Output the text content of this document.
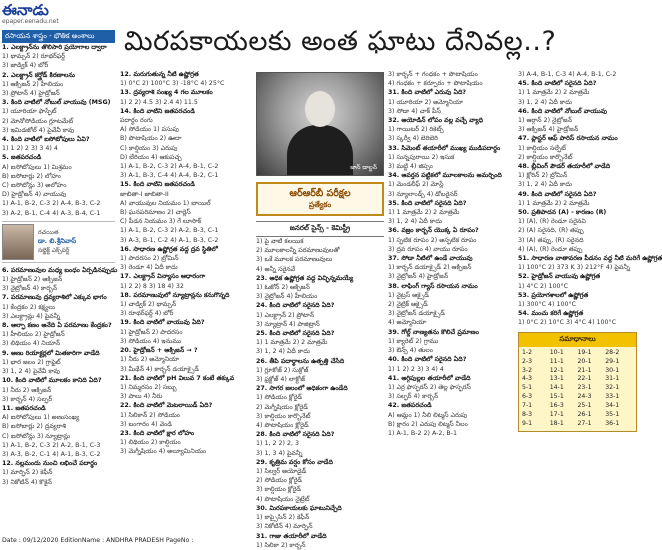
ఈనాడు
epaper.eenadu.net
మిరపకాయలకు అంత ఘాటు దేనివల్ల..?
రసాయన శాస్త్రం - భౌతిక అంశాలు
1. ఎలక్ట్రాన్‌ను తొలిసారి ప్రయోగాల ద్వారా
1) థామ్సన్ 2) రూథర్‌ఫర్డ్
3) జాడ్విక్ 4) బోర్
2. ఎలక్ట్రాన్ కర్త్రోడ్ కిరణాలను
1) ఆక్సిజన్ 2) హీలియం
3) ప్రోటాన్ 4) హైడ్రోజన్
3. కింది వాటిలో నోబుల్ వాయువు (MSG)
1) యూరియా ఫాస్ఫేట్
2) మోనోసోడియం గ్లూటమేట్
3) ఇమిడజోల్ 4) పైవేవీ కావు
4. కింది వాటిలో ఐసోటోపులు ఏవి?
1) 1 2) 2 3) 3 4) 4
5. జతపరచండి
A) ఐసోటోపులు 1) మిశ్రమం
B) ఐసోబార్లు 2) లోహం
C) ఐసోటోన్లు 3) అలోహం
D) హైడ్రోజన్ 4) వాయువు
1) A-1, B-2, C-3 2) A-4, B-3, C-2
3) A-2, B-1, C-4 4) A-3, B-4, C-1
రచయిత
డా. బి.శ్రీనివాస్
సబ్జెక్ట్ ఎక్స్‌పర్ట్
6. పరమాణువుల మధ్య బంధం ఏర్పడినప్పుడు
1) హైడ్రోజన్ 2) ఆక్సిజన్
3) నైట్రోజన్ 4) కార్బన్
7. పరమాణువు ద్రవ్యరాశిలో ఎక్కువ భాగం
1) కేంద్రకం 2) కక్ష్యలు
3) ఎలక్ట్రాన్లు 4) పైవన్నీ
8. ఆల్ఫా కణం అనేది ఏ పరమాణు కేంద్రకం?
1) హీలియం 2) హైడ్రోజన్
3) లిథియం 4) నియాన్
9. అణు రియాక్టర్లలో మితకారిగా వాడేది
1) భార జలం 2) గ్రాఫైట్
3) 1, 2 4) పైవేవీ కావు
10. కింది వాటిలో మూలకం కానిది ఏది?
1) నీరు 2) ఆక్సిజన్
3) కార్బన్ 4) సల్ఫర్
11. జతపరచండి
A) ఐసోటోపులు 1) అణుసంఖ్య
B) ఐసోబార్లు 2) ద్రవ్యరాశి
C) ఐసోటోన్లు 3) న్యూట్రాన్లు
1) A-1, B-2, C-3 2) A-2, B-1, C-3
3) A-3, B-2, C-1 4) A-1, B-3, C-2
12. నల్లమందు నుంచి లభించే పదార్థం
1) మార్ఫిన్ 2) కెఫీన్
3) నికోటిన్ 4) కొకైన్
12. మరుగుతున్న నీటి ఉష్ణోగ్రత
1) 0°C 2) 100°C 3) -18°C 4) 25°C
13. ద్రవ్యరాశి సంఖ్య 4 గల మూలకం
1) 2 2) 4.5 3) 2.4 4) 11.5
14. కింది వాటిని జతపరచండి
పదార్థం రంగు
A) సోడియం 1) పసుపు
B) పొటాషియం 2) ఊదా
C) కాల్షియం 3) ఎరుపు
D) బేరియం 4) ఆకుపచ్చ
1) A-1, B-2, C-3 2) A-4, B-1, C-2
3) A-1, B-3, C-4 4) A-4, B-2, C-1
15. కింది వాటిని జతపరచండి
జాబితా-I జాబితా-II
A) వాయువుల నియమం 1) బాయిల్
B) ఘనపరిమాణం 2) చార్లెస్
C) పీడన నియమం 3) గే లూసాక్
1) A-1, B-2, C-3 2) A-2, B-3, C-1
3) A-3, B-1, C-2 4) A-1, B-3, C-2
16. సాధారణ ఉష్ణోగ్రత వద్ద ద్రవ స్థితిలో
1) పాదరసం 2) బ్రోమిన్
3) రెండూ 4) ఏదీ కాదు
17. ఎలక్ట్రాన్ విన్యాసం ఆధారంగా
1) 2 2) 8 3) 18 4) 32
18. పరమాణువులో న్యూట్రాన్లను కనుగొన్నది
1) చాడ్విక్ 2) థామ్సన్
3) రూథర్‌ఫర్డ్ 4) బోర్
19. కింది వాటిలో వాయువు ఏది?
1) హైడ్రోజన్ 2) పాదరసం
3) సోడియం 4) ఇనుము
20. హైడ్రోజన్ + ఆక్సిజన్ → ?
1) నీరు 2) అమ్మోనియా
3) మీథేన్ 4) కార్బన్ డయాక్సైడ్
21. కింది వాటిలో pH విలువ 7 కంటే తక్కువ
1) నిమ్మరసం 2) సబ్బు
3) పాలు 4) నీరు
22. కింది వాటిలో మెటలాయిడ్ ఏది?
1) సిలికాన్ 2) సోడియం
3) బంగారం 4) వెండి
23. కింది వాటిలో క్షార లోహం
1) లిథియం 2) కాల్షియం
3) మెగ్నీషియం 4) అల్యూమినియం
జాన్ డాల్టన్
ఆర్‌ఆర్‌బీ పరీక్షల
ప్రత్యేకం
జనరల్ సైన్స్ - కెమిస్ట్రీ
1) పై వాటి కలయిక
2) మూలకాలన్నీ పరమాణువులతో
3) ఒకే మూలక పరమాణువులు
4) అన్నీ సరైనవే
23. అధిక ఉష్ణోగ్రత వద్ద విచ్ఛిన్నమయ్యే
1) ఓజోన్ 2) ఆక్సిజన్
3) నైట్రోజన్ 4) హీలియం
24. కింది వాటిలో సరైనది ఏది?
1) ఎలక్ట్రాన్ 2) ప్రోటాన్
3) న్యూట్రాన్ 4) పాజిట్రాన్
25. కింది వాటిలో సరైనది ఏది?
1) 1 మాత్రమే 2) 2 మాత్రమే
3) 1, 2 4) ఏదీ కాదు
26. తీపి పదార్థాలను ఉత్పత్తి చేసేది
1) గ్లూకోజ్ 2) సుక్రోజ్
3) ఫ్రక్టోజ్ 4) లాక్టోజ్
27. సాగర జలంలో అధికంగా ఉండేది
1) సోడియం క్లోరైడ్
2) మెగ్నీషియం క్లోరైడ్
3) కాల్షియం కార్బొనేట్
4) పొటాషియం క్లోరైడ్
28. కింది వాటిలో సరైనది ఏది?
1) 1, 2 2) 2, 3
3) 1, 3 4) పైవన్నీ
29. కృత్రిమ వర్షం కోసం వాడేది
1) సిల్వర్ అయోడైడ్
2) సోడియం క్లోరైడ్
3) కాల్షియం క్లోరైడ్
4) పొటాషియం నైట్రేట్
30. మిరపకాయలకు ఘాటునిచ్చేది
1) కాప్సైసిన్ 2) కెఫీన్
3) నికోటిన్ 4) మార్ఫిన్
31. గాజు తయారీలో వాడేది
1) సిలికా 2) కార్బన్
3) కార్బన్ + గంధకం + పొటాషియం
4) గంధకం + కర్పూరం + పొటాషియం
31. కింది వాటిలో ఎరువు ఏది?
1) యూరియా 2) అమ్మోనియా
3) సోడా 4) చాక్ పీస్
32. అయోడిన్ లోపం వల్ల వచ్చే వ్యాధి
1) గాయిటర్ 2) రికెట్స్
3) స్కర్వీ 4) బెరిబెరి
33. సిమెంట్ తయారీలో ముఖ్య ముడిపదార్థం
1) సున్నపురాయి 2) ఇసుక
3) మట్టి 4) జిప్సం
34. ఆవర్తన పట్టికలో మూలకాలను అమర్చింది
1) మెండలీఫ్ 2) మోస్లే
3) న్యూలాండ్స్ 4) డోబరైనర్
35. కింది వాటిలో సరైనది ఏది?
1) 1 మాత్రమే 2) 2 మాత్రమే
3) 1, 2 4) ఏదీ కాదు
36. వజ్రం కార్బన్ యొక్క ఏ రూపం?
1) స్ఫటిక రూపం 2) అస్ఫటిక రూపం
3) ద్రవ రూపం 4) వాయు రూపం
37. సోడా నీటిలో ఉండే వాయువు
1) కార్బన్ డయాక్సైడ్ 2) ఆక్సిజన్
3) నైట్రోజన్ 4) హైడ్రోజన్
38. లాఫింగ్ గ్యాస్ రసాయన నామం
1) నైట్రస్ ఆక్సైడ్
2) నైట్రిక్ ఆక్సైడ్
3) నైట్రోజన్ డయాక్సైడ్
4) అమ్మోనియా
39. గోల్డ్ నాణ్యతను కొలిచే ప్రమాణం
1) క్యారెట్ 2) గ్రాము
3) ఔన్స్ 4) తులం
40. కింది వాటిలో సరైనది ఏది?
1) 1 2) 2 3) 3 4) 4
41. అగ్గిపుల్లల తయారీలో వాడేది
1) ఎర్ర ఫాస్ఫరస్ 2) తెల్ల ఫాస్ఫరస్
3) సల్ఫర్ 4) కార్బన్
42. జతపరచండి
A) ఆమ్లం 1) నీలి లిట్మస్ ఎరుపు
B) క్షారం 2) ఎరుపు లిట్మస్ నీలం
1) A-1, B-2 2) A-2, B-1
3) A-4, B-1, C-3 4) A-4, B-1, C-2
45. కింది వాటిలో సరైనది ఏది?
1) 1 మాత్రమే 2) 2 మాత్రమే
3) 1, 2 4) ఏదీ కాదు
46. కింది వాటిలో నోబుల్ వాయువు
1) ఆర్గాన్ 2) నైట్రోజన్
3) ఆక్సిజన్ 4) హైడ్రోజన్
47. ప్లాస్టర్ ఆఫ్ పారిస్ రసాయన నామం
1) కాల్షియం సల్ఫేట్
2) కాల్షియం కార్బొనేట్
48. బ్లీచింగ్ పౌడర్ తయారీలో వాడేది
1) క్లోరిన్ 2) బ్రోమిన్
3) 1, 2 4) ఏదీ కాదు
49. కింది వాటిలో సరైనది ఏది?
1) 1 మాత్రమే 2) 2 మాత్రమే
50. ప్రతిపాదన (A) - కారణం (R)
1) (A), (R) రెండూ సరైనవి
2) (A) సరైనది, (R) తప్పు
3) (A) తప్పు, (R) సరైనది
4) (A), (R) రెండూ తప్పు
51. సాధారణ వాతావరణ పీడనం వద్ద నీటి మరిగే ఉష్ణోగ్రత
1) 100°C 2) 373 K 3) 212°F 4) పైవన్నీ
52. హైడ్రోజన్ వాయువు ఉష్ణోగ్రత
1) 4°C 2) 100°C
53. ప్రయోగశాలలో ఉష్ణోగ్రత
1) 300°C 4) 100°C
54. మంచు కరిగే ఉష్ణోగ్రత
1) 0°C 2) 10°C 3) 4°C 4) 100°C
సమాధానాలు
1-2	10-1	19-1	28-2
2-3	11-1	20-1	29-1
3-2	12-1	21-1	30-1
4-3	13-1	22-1	31-1
5-1	14-1	23-1	32-1
6-3	15-1	24-3	33-1
7-1	16-3	25-1	34-1
8-3	17-1	26-1	35-1
9-1	18-1	27-1	36-1
Date : 09/12/2020 EditionName : ANDHRA PRADESH PageNo :
